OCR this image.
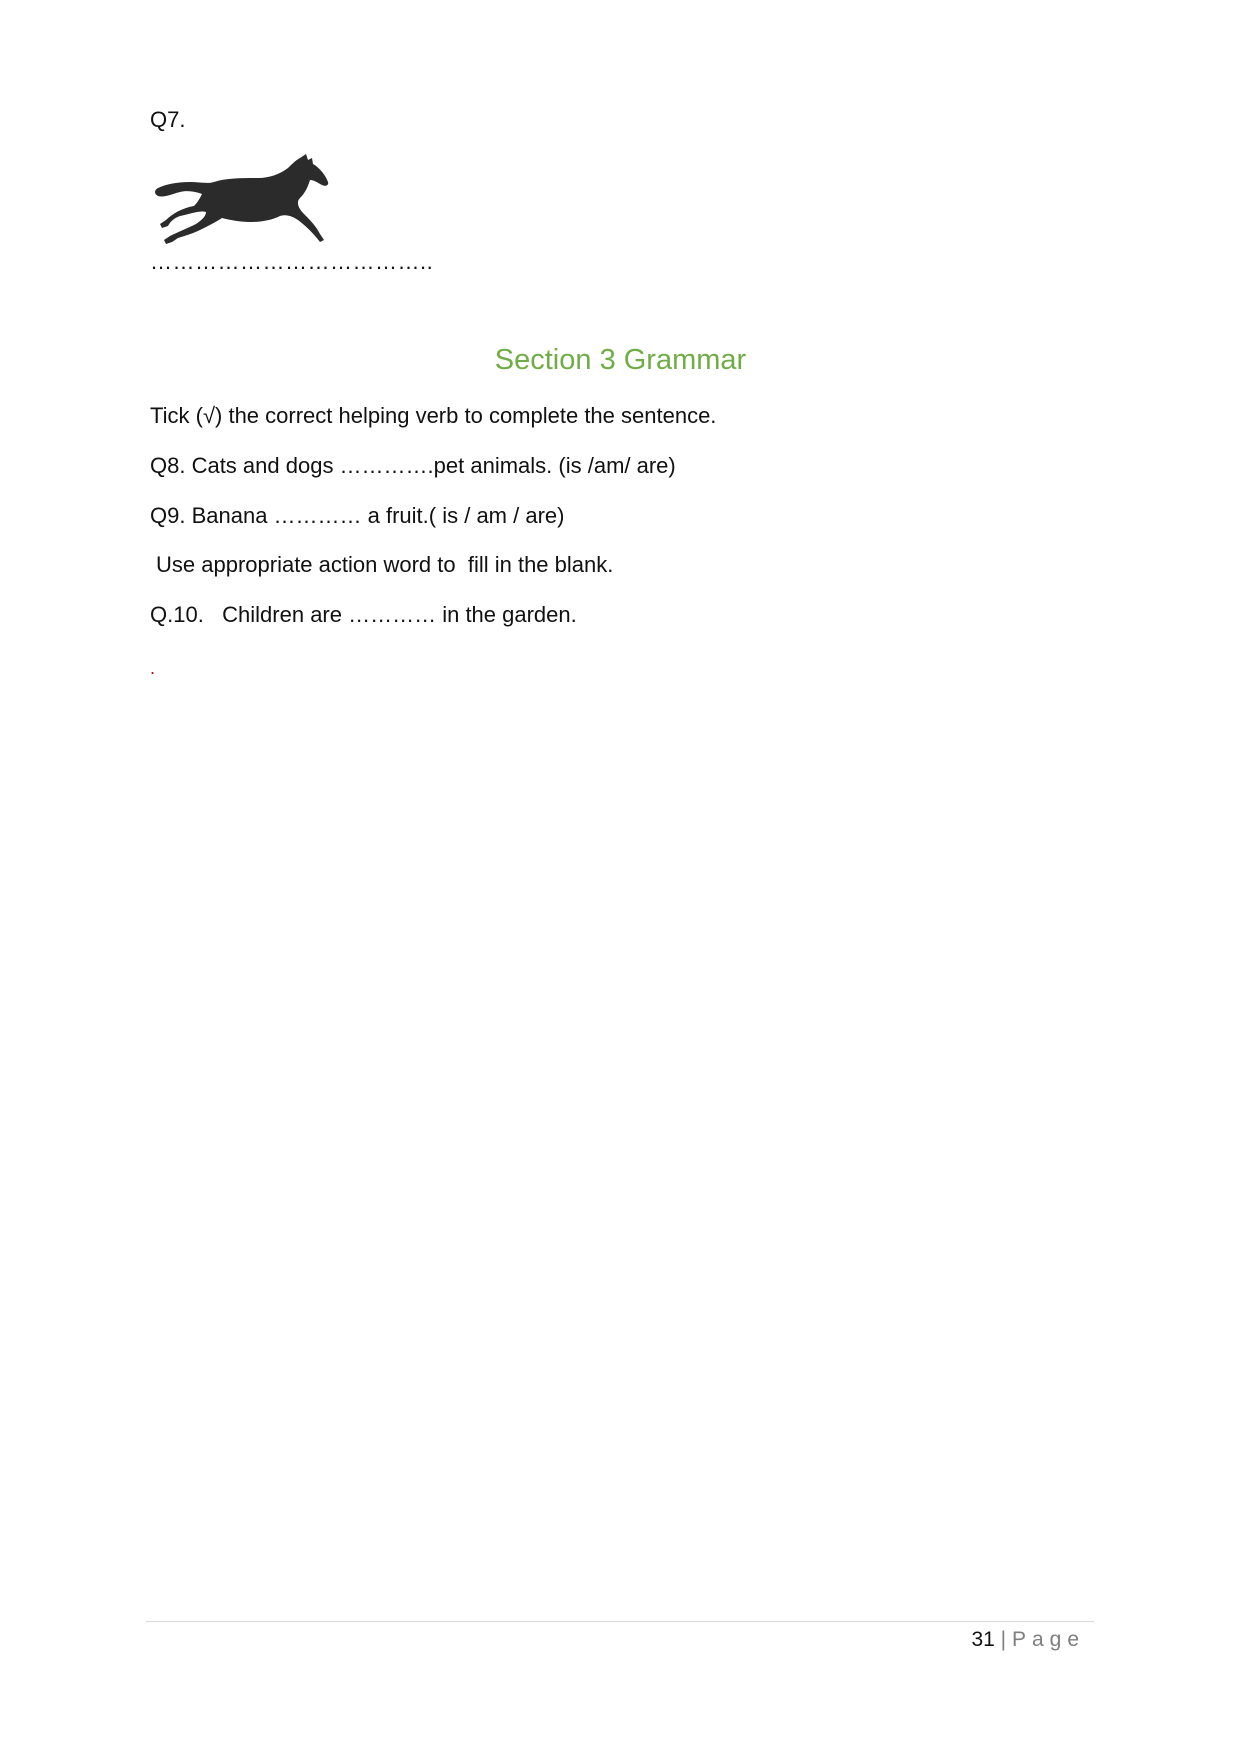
Q7.
………………………………..
Section 3 Grammar
Tick (√) the correct helping verb to complete the sentence.
Q8. Cats and dogs ………….pet animals. (is /am/ are)
Q9. Banana ………… a fruit.( is / am / are)
Use appropriate action word to  fill in the blank.
Q.10.   Children are ………… in the garden.
.
31 | Page
